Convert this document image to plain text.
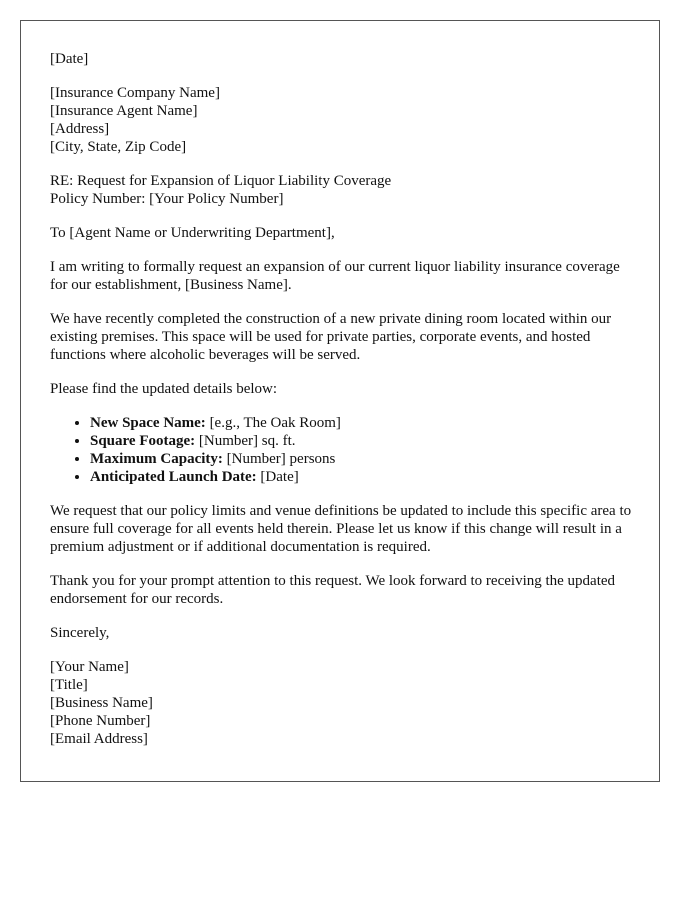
[Date]
[Insurance Company Name]
[Insurance Agent Name]
[Address]
[City, State, Zip Code]
RE: Request for Expansion of Liquor Liability Coverage
Policy Number: [Your Policy Number]

To [Agent Name or Underwriting Department],

I am writing to formally request an expansion of our current liquor liability insurance coverage for our establishment, [Business Name].

We have recently completed the construction of a new private dining room located within our existing premises. This space will be used for private parties, corporate events, and hosted functions where alcoholic beverages will be served.

Please find the updated details below:

• New Space Name: [e.g., The Oak Room]
• Square Footage: [Number] sq. ft.
• Maximum Capacity: [Number] persons
• Anticipated Launch Date: [Date]

We request that our policy limits and venue definitions be updated to include this specific area to ensure full coverage for all events held therein. Please let us know if this change will result in a premium adjustment or if additional documentation is required.

Thank you for your prompt attention to this request. We look forward to receiving the updated endorsement for our records.

Sincerely,

[Your Name]
[Title]
[Business Name]
[Phone Number]
[Email Address]
